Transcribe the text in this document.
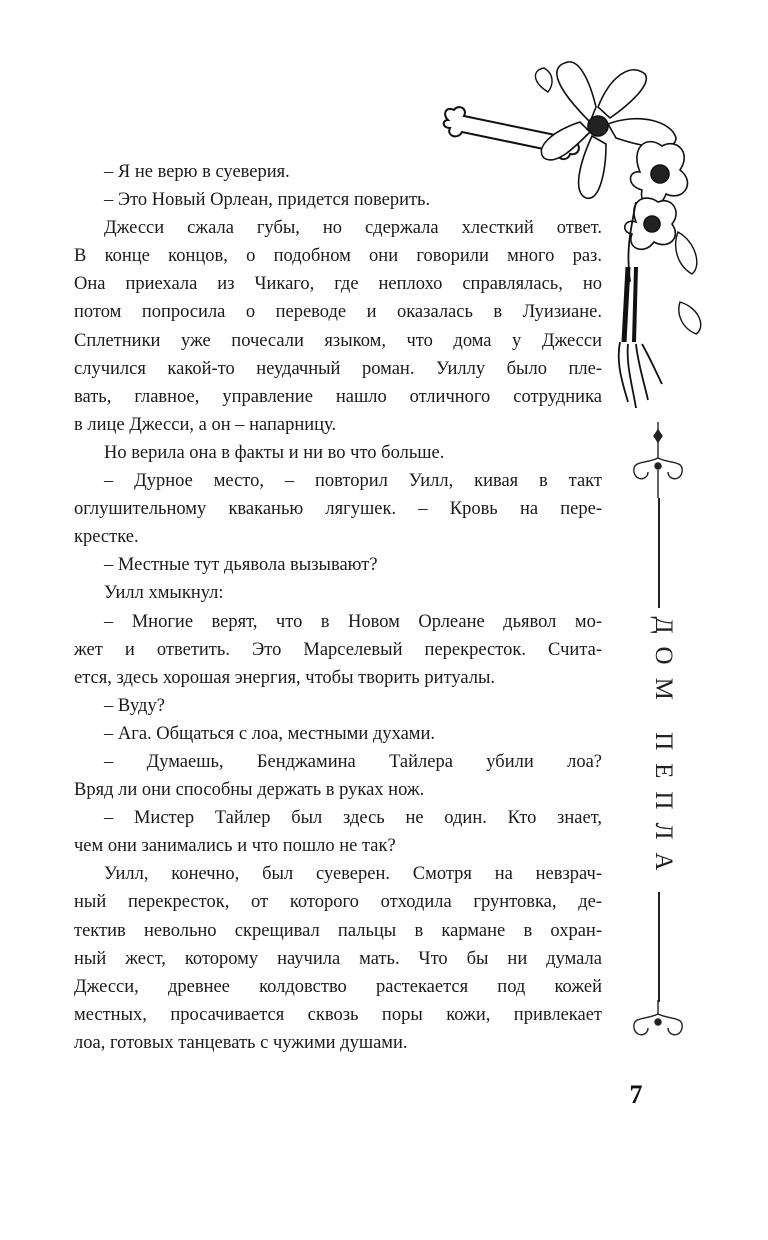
ДОМ ПЕПЛА
– Я не верю в суеверия.
– Это Новый Орлеан, придется поверить.
Джесси сжала губы, но сдержала хлесткий ответ.
В конце концов, о подобном они говорили много раз.
Она приехала из Чикаго, где неплохо справлялась, но
потом попросила о переводе и оказалась в Луизиане.
Сплетники уже почесали языком, что дома у Джесси
случился какой-то неудачный роман. Уиллу было пле-
вать, главное, управление нашло отличного сотрудника
в лице Джесси, а он – напарницу.
Но верила она в факты и ни во что больше.
– Дурное место, – повторил Уилл, кивая в такт
оглушительному кваканью лягушек. – Кровь на пере-
крестке.
– Местные тут дьявола вызывают?
Уилл хмыкнул:
– Многие верят, что в Новом Орлеане дьявол мо-
жет и ответить. Это Марселевый перекресток. Счита-
ется, здесь хорошая энергия, чтобы творить ритуалы.
– Вуду?
– Ага. Общаться с лоа, местными духами.
– Думаешь, Бенджамина Тайлера убили лоа?
Вряд ли они способны держать в руках нож.
– Мистер Тайлер был здесь не один. Кто знает,
чем они занимались и что пошло не так?
Уилл, конечно, был суеверен. Смотря на невзрач-
ный перекресток, от которого отходила грунтовка, де-
тектив невольно скрещивал пальцы в кармане в охран-
ный жест, которому научила мать. Что бы ни думала
Джесси, древнее колдовство растекается под кожей
местных, просачивается сквозь поры кожи, привлекает
лоа, готовых танцевать с чужими душами.
7
